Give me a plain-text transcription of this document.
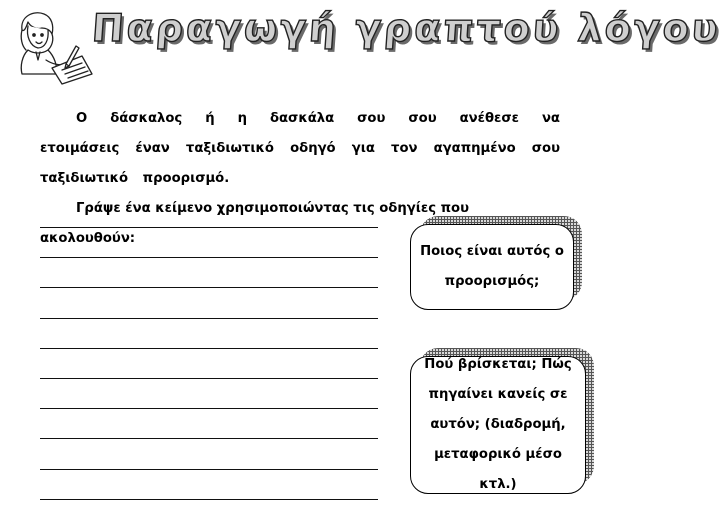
Παραγωγή γραπτού λόγου

Ο δάσκαλος ή η δασκάλα σου σου ανέθεσε να ετοιμάσεις έναν ταξιδιωτικό οδηγό για τον αγαπημένο σου ταξιδιωτικό προορισμό.

Γράψε ένα κείμενο χρησιμοποιώντας τις οδηγίες που ακολουθούν:

Ποιος είναι αυτός ο προορισμός;
Πού βρίσκεται; Πώς πηγαίνει κανείς σε αυτόν; (διαδρομή, μεταφορικό μέσο κτλ.)
